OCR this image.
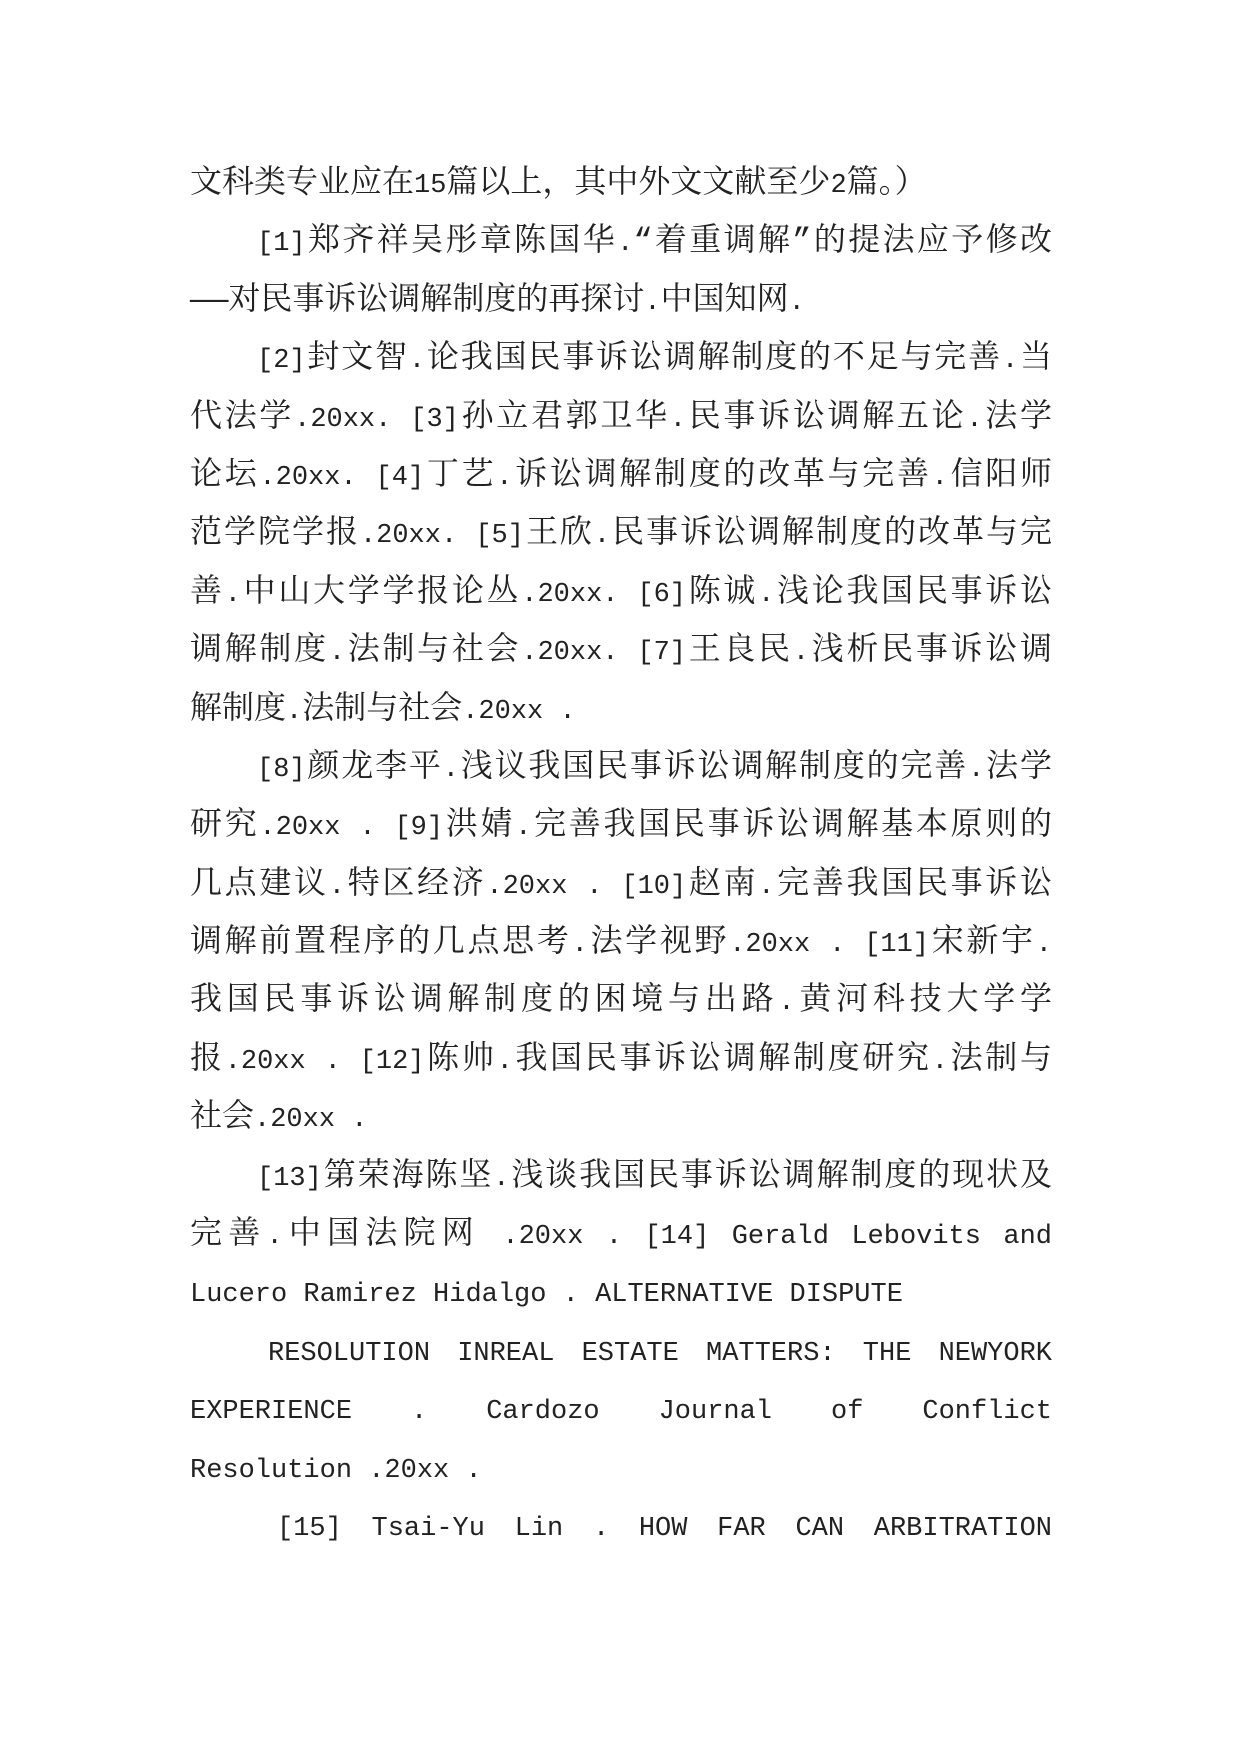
文科类专业应在15篇以上，其中外文文献至少2篇。）
[1]郑齐祥吴彤章陈国华.“着重调解”的提法应予修改
——对民事诉讼调解制度的再探讨.中国知网.
[2]封文智.论我国民事诉讼调解制度的不足与完善.当
代法学.20xx. [3]孙立君郭卫华.民事诉讼调解五论.法学
论坛.20xx. [4]丁艺.诉讼调解制度的改革与完善.信阳师
范学院学报.20xx. [5]王欣.民事诉讼调解制度的改革与完
善.中山大学学报论丛.20xx. [6]陈诚.浅论我国民事诉讼
调解制度.法制与社会.20xx. [7]王良民.浅析民事诉讼调
解制度.法制与社会.20xx .
[8]颜龙李平.浅议我国民事诉讼调解制度的完善.法学
研究.20xx . [9]洪婧.完善我国民事诉讼调解基本原则的
几点建议.特区经济.20xx . [10]赵南.完善我国民事诉讼
调解前置程序的几点思考.法学视野.20xx . [11]宋新宇.
我国民事诉讼调解制度的困境与出路.黄河科技大学学
报.20xx . [12]陈帅.我国民事诉讼调解制度研究.法制与
社会.20xx .
[13]第荣海陈坚.浅谈我国民事诉讼调解制度的现状及
完善.中国法院网 .20xx . [14] Gerald Lebovits and
Lucero Ramirez Hidalgo . ALTERNATIVE DISPUTE
RESOLUTION INREAL ESTATE MATTERS: THE NEWYORK
EXPERIENCE . Cardozo Journal of Conflict
Resolution .20xx .
[15] Tsai-Yu Lin . HOW FAR CAN ARBITRATION
